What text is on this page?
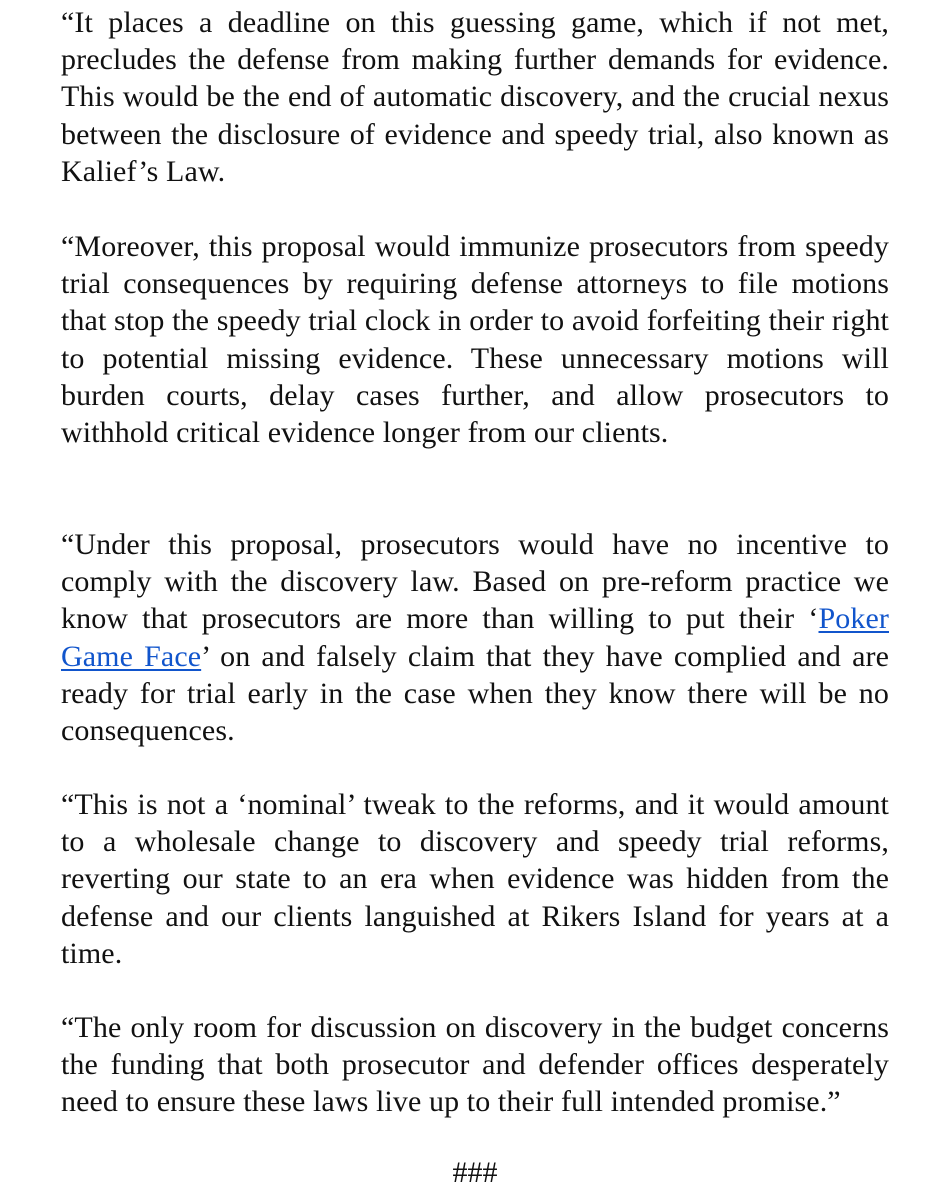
“It places a deadline on this guessing game, which if not met, precludes the defense from making further demands for evidence. This would be the end of automatic discovery, and the crucial nexus between the disclosure of evidence and speedy trial, also known as Kalief’s Law.

“Moreover, this proposal would immunize prosecutors from speedy trial consequences by requiring defense attorneys to file motions that stop the speedy trial clock in order to avoid forfeiting their right to potential missing evidence. These unnecessary motions will burden courts, delay cases further, and allow prosecutors to withhold critical evidence longer from our clients.

“Under this proposal, prosecutors would have no incentive to comply with the discovery law. Based on pre-reform practice we know that prosecutors are more than willing to put their ‘Poker Game Face’ on and falsely claim that they have complied and are ready for trial early in the case when they know there will be no consequences.

“This is not a ‘nominal’ tweak to the reforms, and it would amount to a wholesale change to discovery and speedy trial reforms, reverting our state to an era when evidence was hidden from the defense and our clients languished at Rikers Island for years at a time.

“The only room for discussion on discovery in the budget concerns the funding that both prosecutor and defender offices desperately need to ensure these laws live up to their full intended promise.”

###
